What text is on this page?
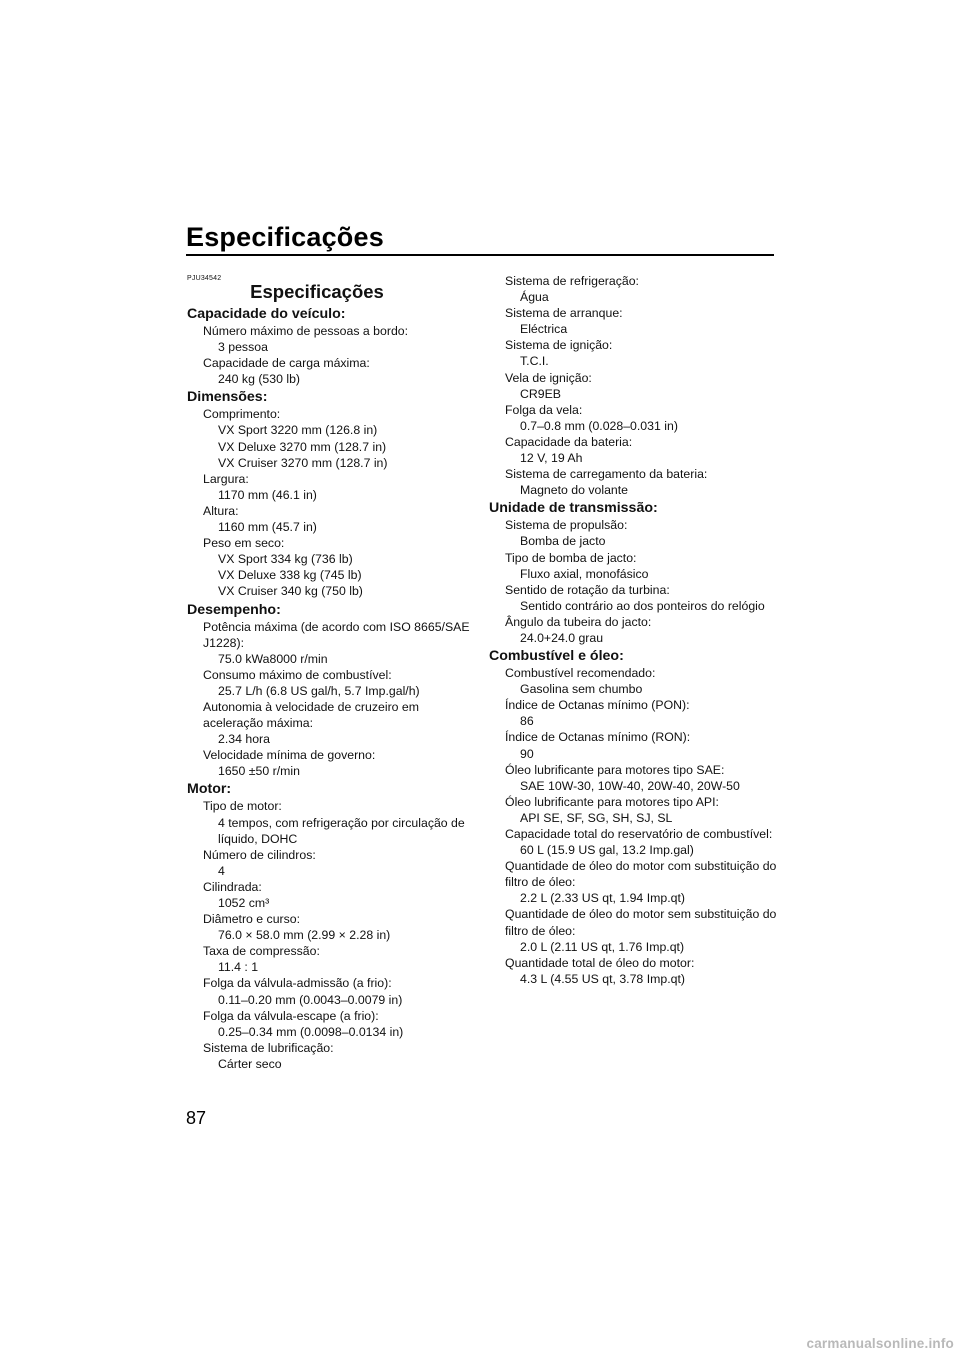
Especificações
PJU34542
Especificações
Capacidade do veículo:
Número máximo de pessoas a bordo:
3 pessoa
Capacidade de carga máxima:
240 kg (530 lb)
Dimensões:
Comprimento:
VX Sport 3220 mm (126.8 in)
VX Deluxe 3270 mm (128.7 in)
VX Cruiser 3270 mm (128.7 in)
Largura:
1170 mm (46.1 in)
Altura:
1160 mm (45.7 in)
Peso em seco:
VX Sport 334 kg (736 lb)
VX Deluxe 338 kg (745 lb)
VX Cruiser 340 kg (750 lb)
Desempenho:
Potência máxima (de acordo com ISO 8665/SAE J1228):
75.0 kWa8000 r/min
Consumo máximo de combustível:
25.7 L/h (6.8 US gal/h, 5.7 Imp.gal/h)
Autonomia à velocidade de cruzeiro em aceleração máxima:
2.34 hora
Velocidade mínima de governo:
1650 ±50 r/min
Motor:
Tipo de motor:
4 tempos, com refrigeração por circulação de líquido, DOHC
Número de cilindros:
4
Cilindrada:
1052 cm³
Diâmetro e curso:
76.0 × 58.0 mm (2.99 × 2.28 in)
Taxa de compressão:
11.4 : 1
Folga da válvula-admissão (a frio):
0.11–0.20 mm (0.0043–0.0079 in)
Folga da válvula-escape (a frio):
0.25–0.34 mm (0.0098–0.0134 in)
Sistema de lubrificação:
Cárter seco
Sistema de refrigeração:
Água
Sistema de arranque:
Eléctrica
Sistema de ignição:
T.C.I.
Vela de ignição:
CR9EB
Folga da vela:
0.7–0.8 mm (0.028–0.031 in)
Capacidade da bateria:
12 V, 19 Ah
Sistema de carregamento da bateria:
Magneto do volante
Unidade de transmissão:
Sistema de propulsão:
Bomba de jacto
Tipo de bomba de jacto:
Fluxo axial, monofásico
Sentido de rotação da turbina:
Sentido contrário ao dos ponteiros do relógio
Ângulo da tubeira do jacto:
24.0+24.0 grau
Combustível e óleo:
Combustível recomendado:
Gasolina sem chumbo
Índice de Octanas mínimo (PON):
86
Índice de Octanas mínimo (RON):
90
Óleo lubrificante para motores tipo SAE:
SAE 10W-30, 10W-40, 20W-40, 20W-50
Óleo lubrificante para motores tipo API:
API SE, SF, SG, SH, SJ, SL
Capacidade total do reservatório de combustível:
60 L (15.9 US gal, 13.2 Imp.gal)
Quantidade de óleo do motor com substituição do filtro de óleo:
2.2 L (2.33 US qt, 1.94 Imp.qt)
Quantidade de óleo do motor sem substituição do filtro de óleo:
2.0 L (2.11 US qt, 1.76 Imp.qt)
Quantidade total de óleo do motor:
4.3 L (4.55 US qt, 3.78 Imp.qt)
87
carmanualsonline.info
